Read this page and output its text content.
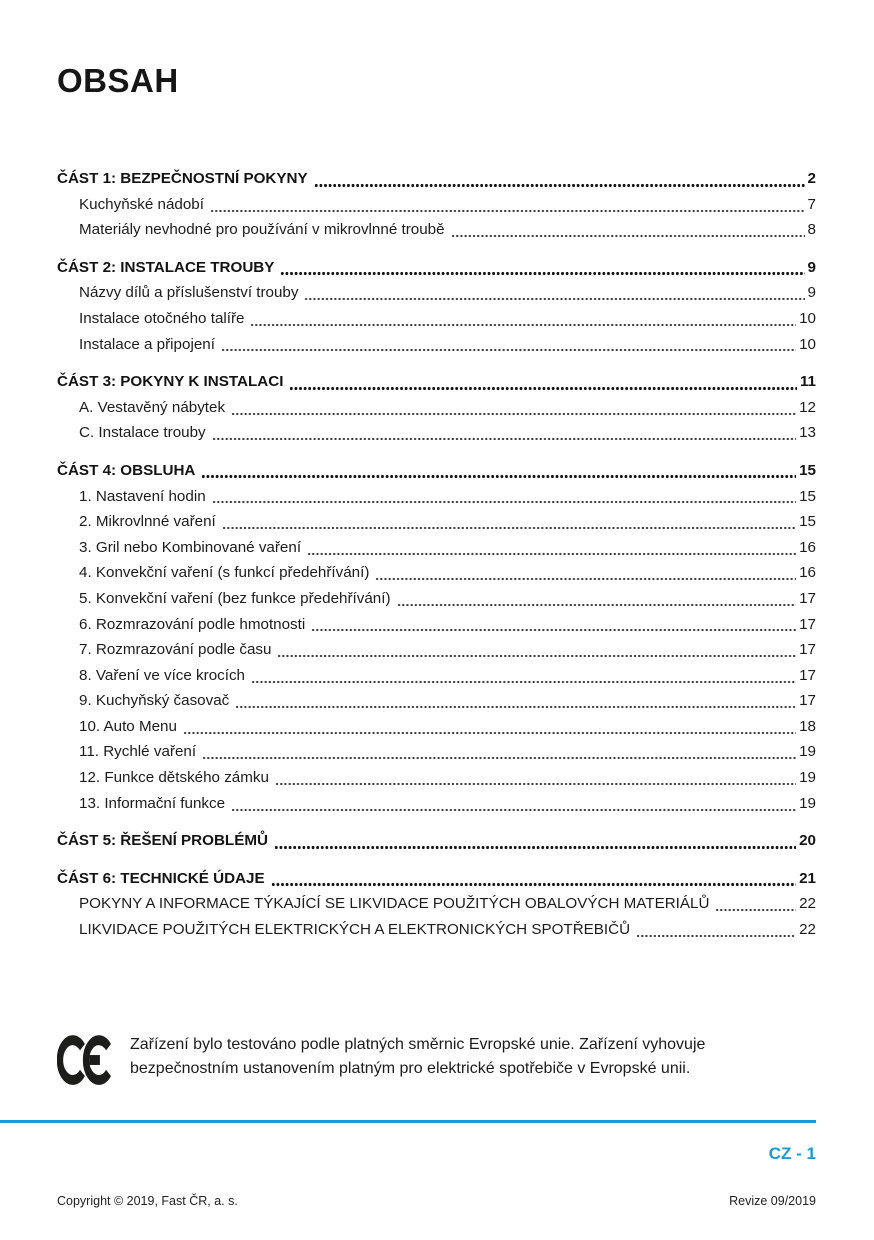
OBSAH
ČÁST 1: BEZPEČNOSTNÍ POKYNY	2
Kuchyňské nádobí	7
Materiály nevhodné pro používání v mikrovlnné troubě	8
ČÁST 2: INSTALACE TROUBY	9
Názvy dílů a příslušenství trouby	9
Instalace otočného talíře	10
Instalace a připojení	10
ČÁST 3: POKYNY K INSTALACI	11
A. Vestavěný nábytek	12
C. Instalace trouby	13
ČÁST 4: OBSLUHA	15
1. Nastavení hodin	15
2. Mikrovlnné vaření	15
3. Gril nebo Kombinované vaření	16
4. Konvekční vaření (s funkcí předehřívání)	16
5. Konvekční vaření (bez funkce předehřívání)	17
6. Rozmrazování podle hmotnosti	17
7. Rozmrazování podle času	17
8. Vaření ve více krocích	17
9. Kuchyňský časovač	17
10. Auto Menu	18
11. Rychlé vaření	19
12. Funkce dětského zámku	19
13. Informační funkce	19
ČÁST 5: ŘEŠENÍ PROBLÉMŮ	20
ČÁST 6: TECHNICKÉ ÚDAJE	21
POKYNY A INFORMACE TÝKAJÍCÍ SE LIKVIDACE POUŽITÝCH OBALOVÝCH MATERIÁLŮ	22
LIKVIDACE POUŽITÝCH ELEKTRICKÝCH A ELEKTRONICKÝCH SPOTŘEBIČŮ	22

Zařízení bylo testováno podle platných směrnic Evropské unie. Zařízení vyhovuje bezpečnostním ustanovením platným pro elektrické spotřebiče v Evropské unii.

CZ - 1
Copyright © 2019, Fast ČR, a. s.	Revize 09/2019
